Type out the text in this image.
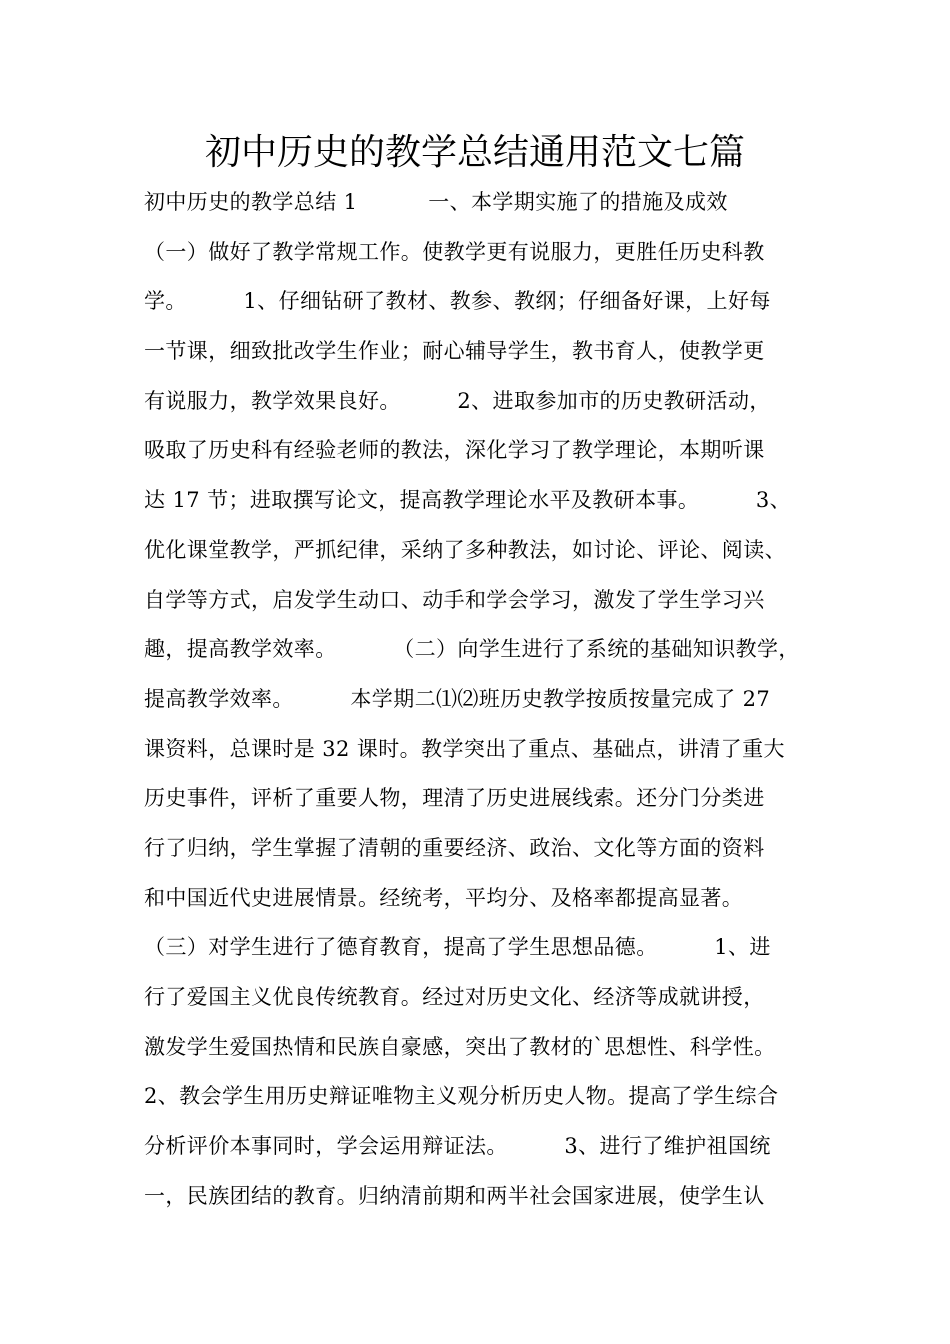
初中历史的教学总结通用范文七篇
初中历史的教学总结 1          一、本学期实施了的措施及成效
（一）做好了教学常规工作。使教学更有说服力，更胜任历史科教
学。        1、仔细钻研了教材、教参、教纲；仔细备好课，上好每
一节课，细致批改学生作业；耐心辅导学生，教书育人，使教学更
有说服力，教学效果良好。        2、进取参加市的历史教研活动，
吸取了历史科有经验老师的教法，深化学习了教学理论，本期听课
达 17 节；进取撰写论文，提高教学理论水平及教研本事。        3、
优化课堂教学，严抓纪律，采纳了多种教法，如讨论、评论、阅读、
自学等方式，启发学生动口、动手和学会学习，激发了学生学习兴
趣，提高教学效率。        （二）向学生进行了系统的基础知识教学，
提高教学效率。        本学期二⑴⑵班历史教学按质按量完成了 27
课资料，总课时是 32 课时。教学突出了重点、基础点，讲清了重大
历史事件，评析了重要人物，理清了历史进展线索。还分门分类进
行了归纳，学生掌握了清朝的重要经济、政治、文化等方面的资料
和中国近代史进展情景。经统考，平均分、及格率都提高显著。
（三）对学生进行了德育教育，提高了学生思想品德。        1、进
行了爱国主义优良传统教育。经过对历史文化、经济等成就讲授，
激发学生爱国热情和民族自豪感，突出了教材的`思想性、科学性。
2、教会学生用历史辩证唯物主义观分析历史人物。提高了学生综合
分析评价本事同时，学会运用辩证法。        3、进行了维护祖国统
一，民族团结的教育。归纳清前期和两半社会国家进展，使学生认
